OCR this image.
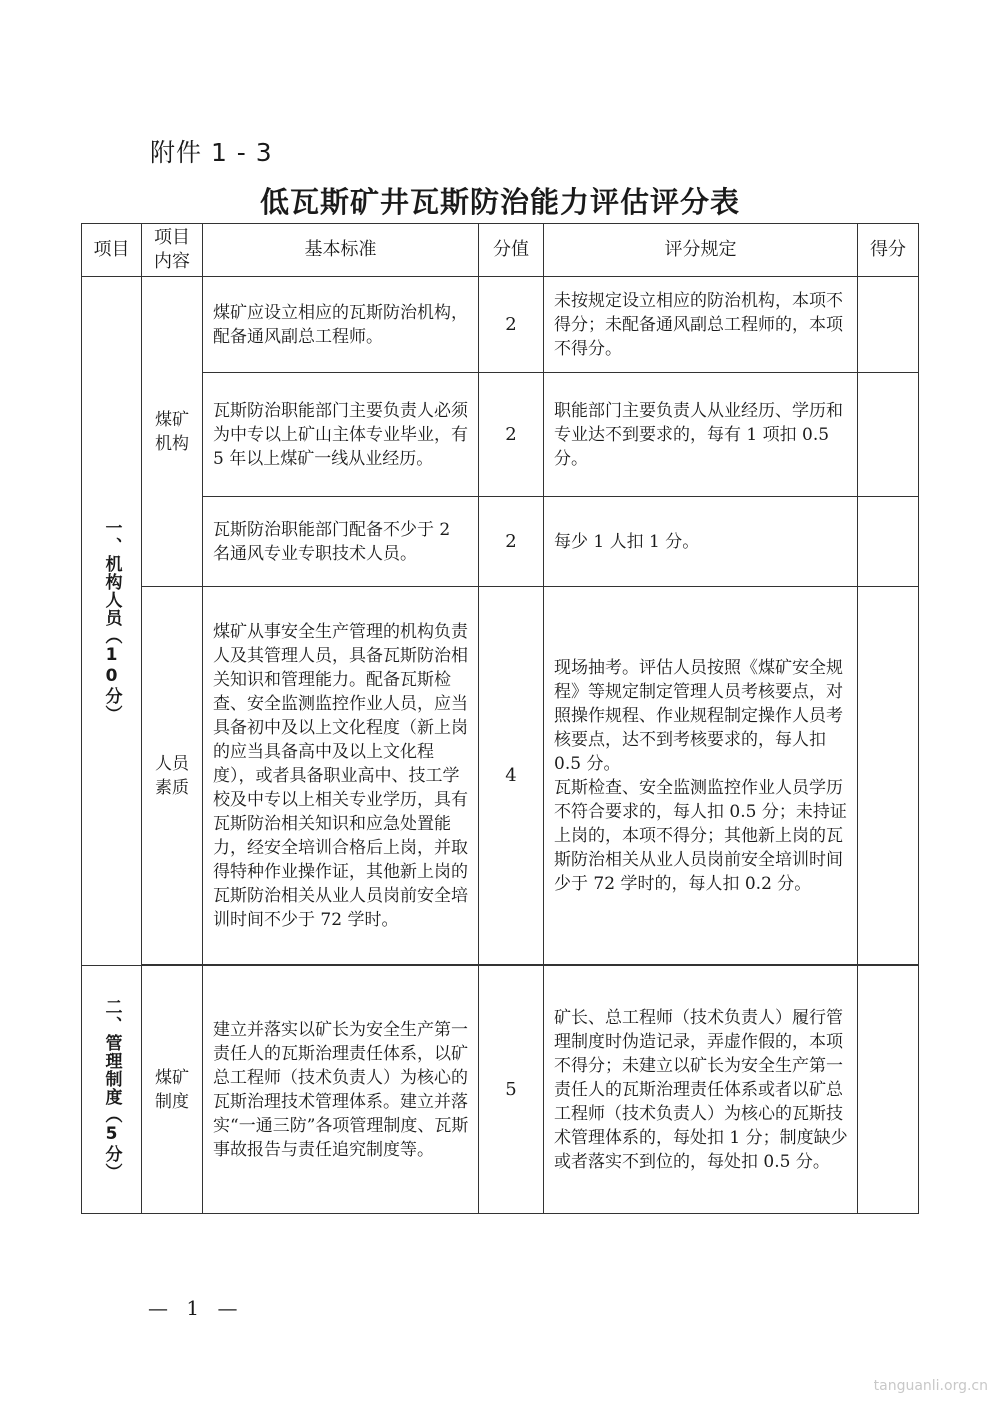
附件 1 - 3
低瓦斯矿井瓦斯防治能力评估评分表
项目	项目内容	基本标准	分值	评分规定	得分

一、机构人员（10分）	煤矿机构	煤矿应设立相应的瓦斯防治机构，配备通风副总工程师。	2	未按规定设立相应的防治机构，本项不得分；未配备通风副总工程师的，本项不得分。	

		瓦斯防治职能部门主要负责人必须为中专以上矿山主体专业毕业，有 5 年以上煤矿一线从业经历。	2	职能部门主要负责人从业经历、学历和专业达不到要求的，每有 1 项扣 0.5 分。	

		瓦斯防治职能部门配备不少于 2 名通风专业专职技术人员。	2	每少 1 人扣 1 分。	

	人员素质	煤矿从事安全生产管理的机构负责人及其管理人员，具备瓦斯防治相关知识和管理能力。配备瓦斯检查、安全监测监控作业人员，应当具备初中及以上文化程度（新上岗的应当具备高中及以上文化程度），或者具备职业高中、技工学校及中专以上相关专业学历，具有瓦斯防治相关知识和应急处置能力，经安全培训合格后上岗，并取得特种作业操作证，其他新上岗的瓦斯防治相关从业人员岗前安全培训时间不少于 72 学时。	4	现场抽考。评估人员按照《煤矿安全规程》等规定制定管理人员考核要点，对照操作规程、作业规程制定操作人员考核要点，达不到考核要求的，每人扣 0.5 分。
瓦斯检查、安全监测监控作业人员学历不符合要求的，每人扣 0.5 分；未持证上岗的，本项不得分；其他新上岗的瓦斯防治相关从业人员岗前安全培训时间少于 72 学时的，每人扣 0.2 分。	

二、管理制度（5分）	煤矿制度	建立并落实以矿长为安全生产第一责任人的瓦斯治理责任体系，以矿总工程师（技术负责人）为核心的瓦斯治理技术管理体系。建立并落实“一通三防”各项管理制度、瓦斯事故报告与责任追究制度等。	5	矿长、总工程师（技术负责人）履行管理制度时伪造记录，弄虚作假的，本项不得分；未建立以矿长为安全生产第一责任人的瓦斯治理责任体系或者以矿总工程师（技术负责人）为核心的瓦斯技术管理体系的，每处扣 1 分；制度缺少或者落实不到位的，每处扣 0.5 分。	

— 1 —
tanguanli.org.cn
